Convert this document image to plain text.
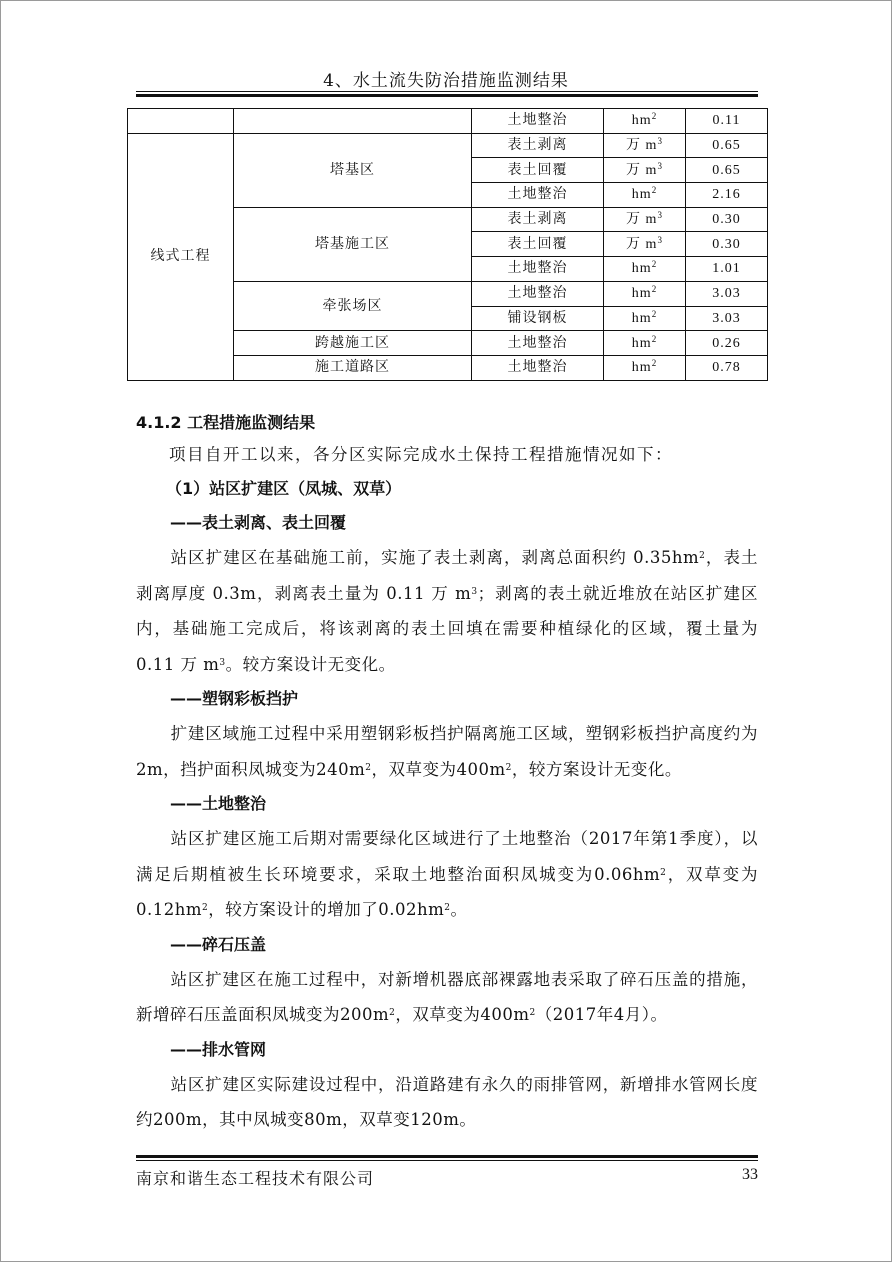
4、水土流失防治措施监测结果
		土地整治	$hm^2$	0.11
线式工程	塔基区	表土剥离	万 $m^3$	0.65
		表土回覆	万 $m^3$	0.65
		土地整治	$hm^2$	2.16
	塔基施工区	表土剥离	万 $m^3$	0.30
		表土回覆	万 $m^3$	0.30
		土地整治	$hm^2$	1.01
	牵张场区	土地整治	$hm^2$	3.03
		铺设钢板	$hm^2$	3.03
	跨越施工区	土地整治	$hm^2$	0.26
	施工道路区	土地整治	$hm^2$	0.78

4.1.2 工程措施监测结果

项目自开工以来，各分区实际完成水土保持工程措施情况如下：

（1）站区扩建区（凤城、双草）

——表土剥离、表土回覆

站区扩建区在基础施工前，实施了表土剥离，剥离总面积约 $0.35hm^2$，表土剥离厚度 0.3m，剥离表土量为 0.11 万 $m^3$；剥离的表土就近堆放在站区扩建区内，基础施工完成后，将该剥离的表土回填在需要种植绿化的区域，覆土量为 0.11 万 $m^3$。较方案设计无变化。

——塑钢彩板挡护

扩建区域施工过程中采用塑钢彩板挡护隔离施工区域，塑钢彩板挡护高度约为2m，挡护面积凤城变为$240m^2$，双草变为$400m^2$，较方案设计无变化。

——土地整治

站区扩建区施工后期对需要绿化区域进行了土地整治（2017年第1季度），以满足后期植被生长环境要求，采取土地整治面积凤城变为$0.06hm^2$，双草变为$0.12hm^2$，较方案设计的增加了$0.02hm^2$。

——碎石压盖

站区扩建区在施工过程中，对新增机器底部裸露地表采取了碎石压盖的措施，新增碎石压盖面积凤城变为$200m^2$，双草变为$400m^2(2017$年4月）。

——排水管网

站区扩建区实际建设过程中，沿道路建有永久的雨排管网，新增排水管网长度约200m，其中凤城变80m，双草变120m。

南京和谐生态工程技术有限公司	33
